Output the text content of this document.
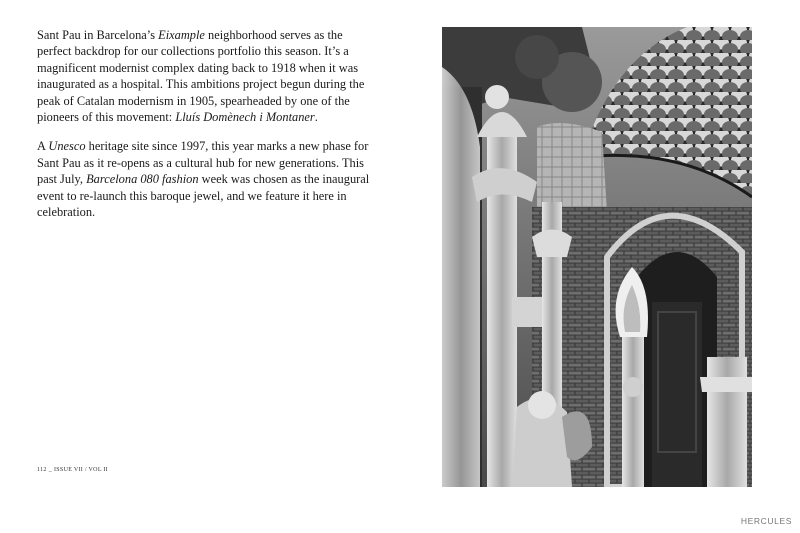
Sant Pau in Barcelona’s Eixample neighborhood serves as the perfect backdrop for our collections portfolio this season. It’s a magnificent modernist complex dating back to 1918 when it was inaugurated as a hospital. This ambitions project begun during the peak of Catalan modernism in 1905, spearheaded by one of the pioneers of this movement: Lluís Domènech i Montaner.

A Unesco heritage site since 1997, this year marks a new phase for Sant Pau as it re-opens as a cultural hub for new generations. This past July, Barcelona 080 fashion week was chosen as the inaugural event to re-launch this baroque jewel, and we feature it here in celebration.

112 _ ISSUE VII / VOL II
HERCULES
